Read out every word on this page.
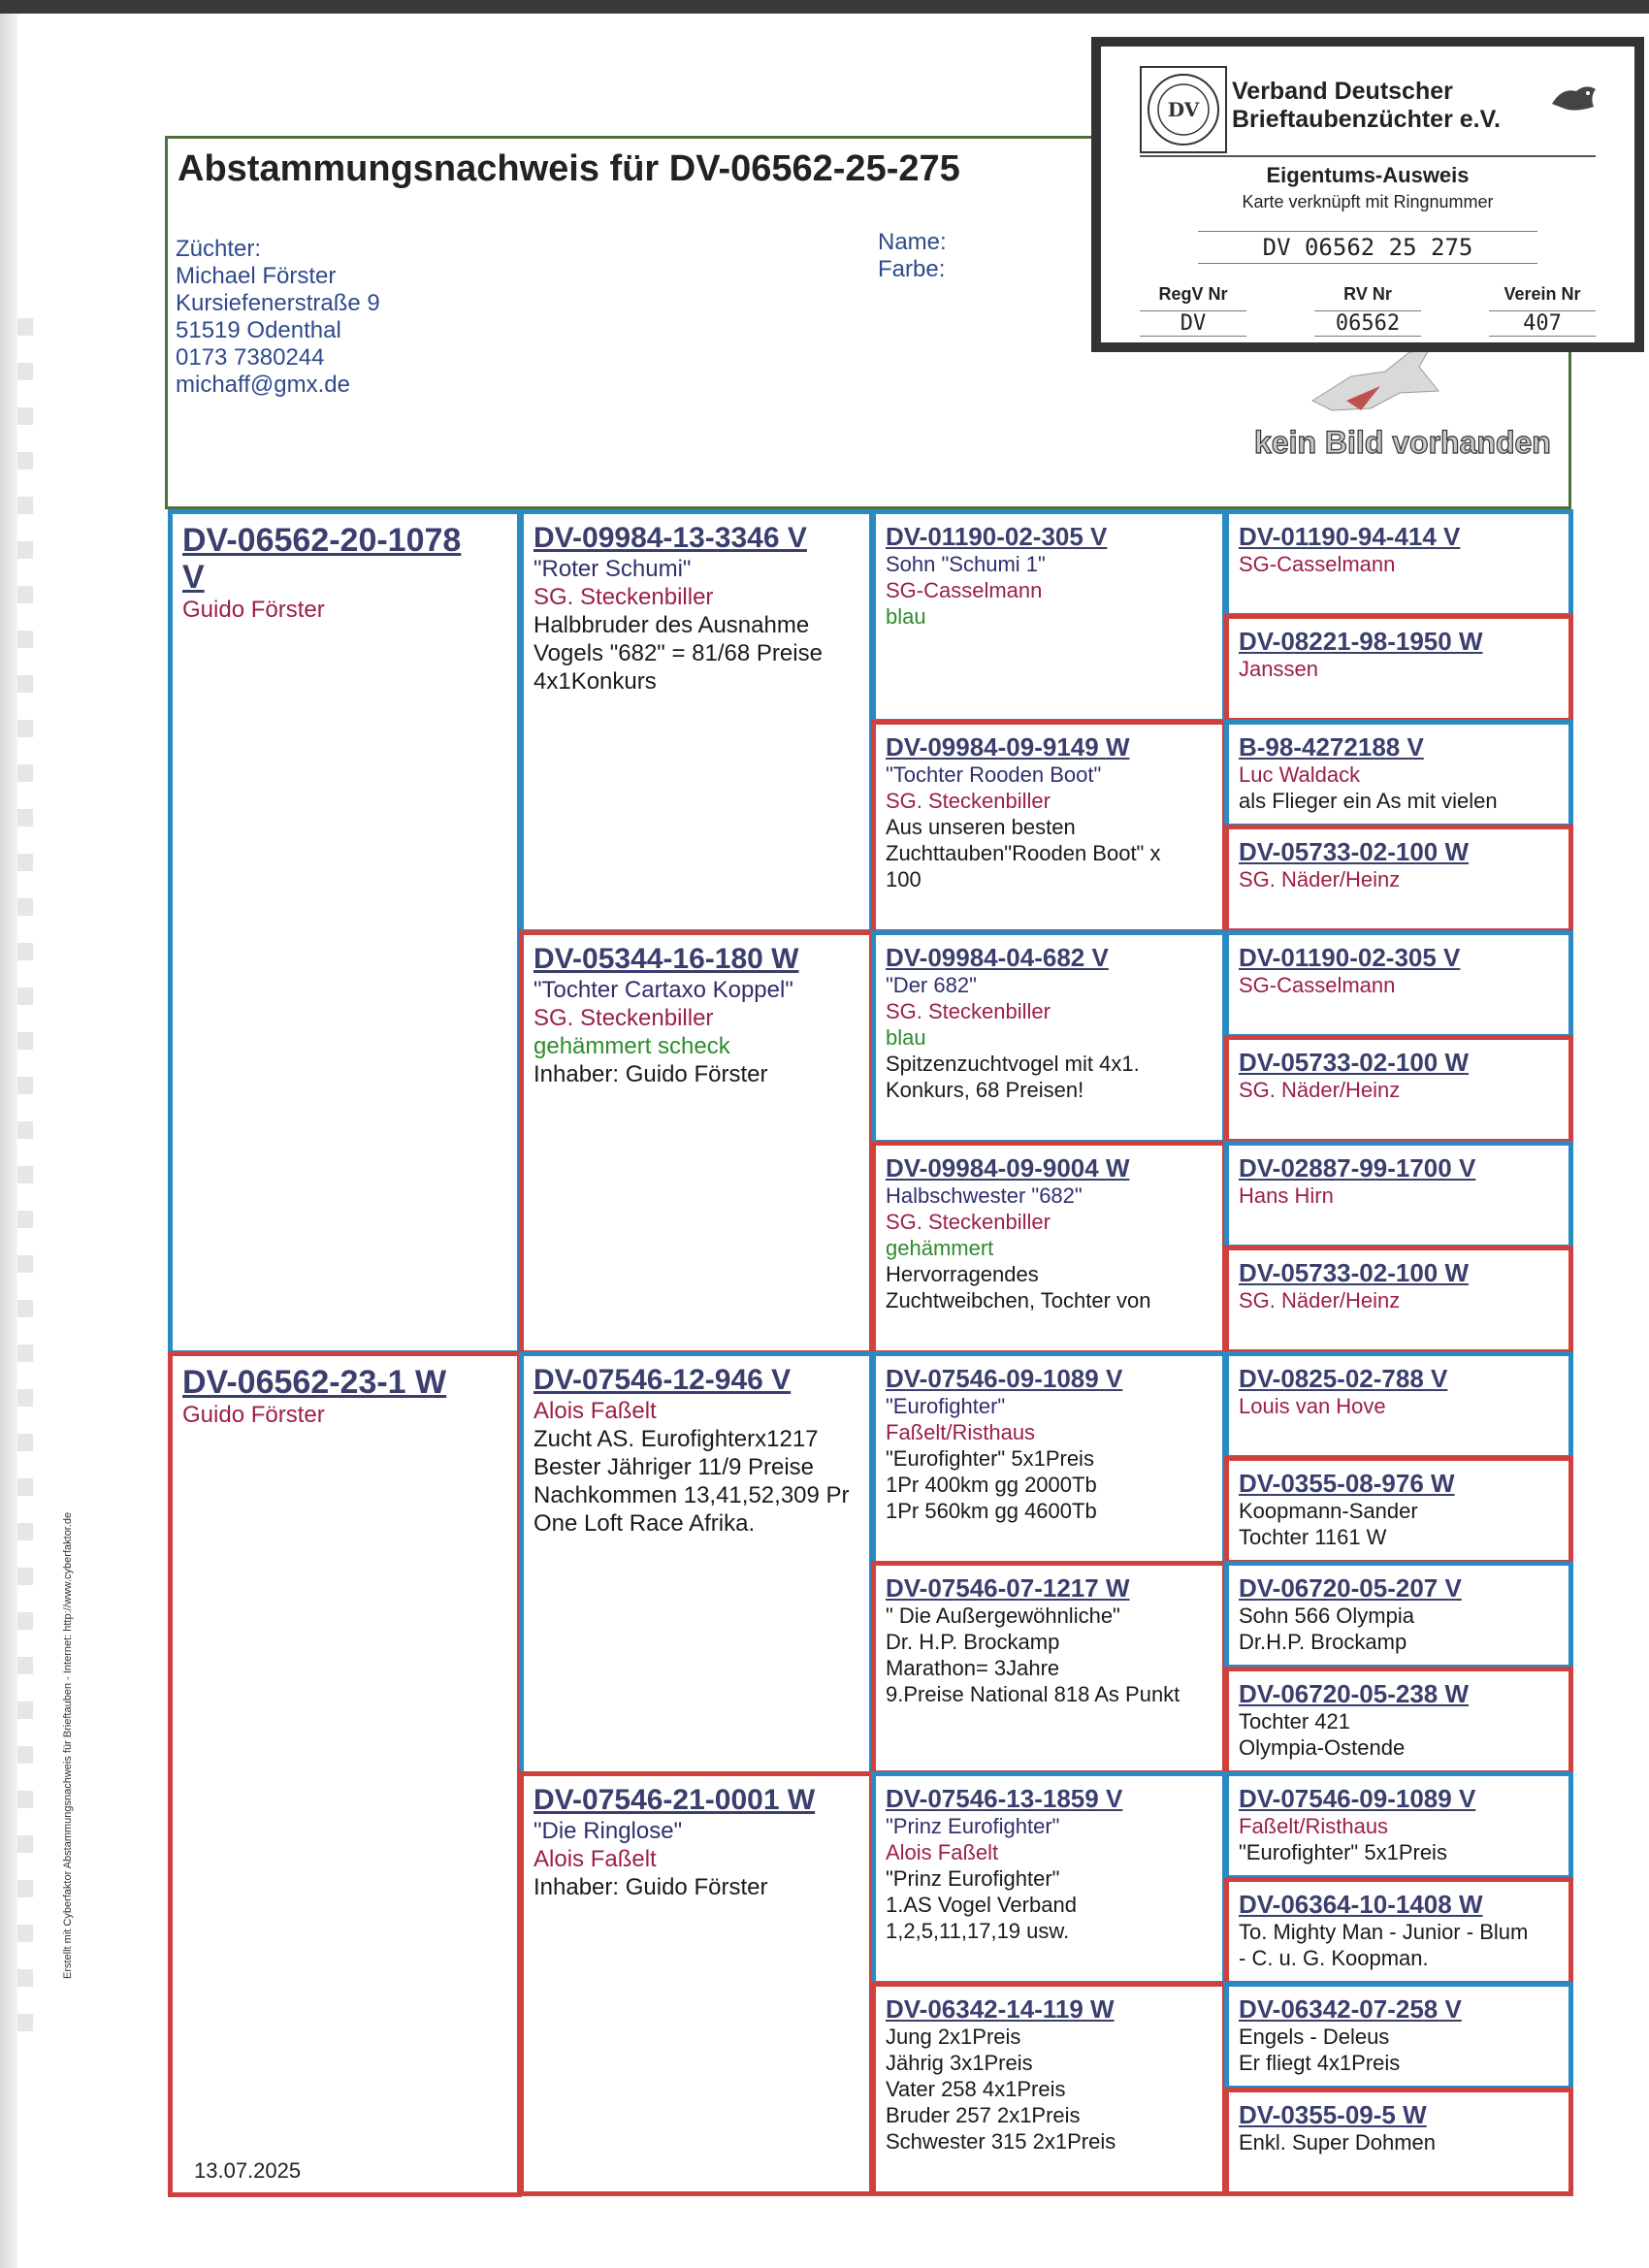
Abstammungsnachweis für DV-06562-25-275
Züchter:
Michael Förster
Kursiefenerstraße 9
51519 Odenthal
0173 7380244
michaff@gmx.de
Name:
Farbe:
kein Bild vorhanden
DV
Verband Deutscher
Brieftaubenzüchter e.V.
Eigentums-Ausweis
Karte verknüpft mit Ringnummer
DV 06562 25 275
RegV Nr
DV
RV Nr
06562
Verein Nr
407
DV-06562-20-1078
V
Guido Förster
DV-06562-23-1 W
Guido Förster
DV-09984-13-3346 V
"Roter Schumi"
SG. Steckenbiller
Halbbruder des Ausnahme
Vogels "682" = 81/68 Preise
4x1Konkurs
DV-05344-16-180 W
"Tochter Cartaxo Koppel"
SG. Steckenbiller
gehämmert scheck
Inhaber: Guido Förster
DV-07546-12-946 V
Alois Faßelt
Zucht AS. Eurofighterx1217
Bester Jähriger 11/9 Preise
Nachkommen 13,41,52,309 Pr
One Loft Race Afrika.
DV-07546-21-0001 W
"Die Ringlose"
Alois Faßelt
Inhaber: Guido Förster
DV-01190-02-305 V
Sohn "Schumi 1"
SG-Casselmann
blau
DV-09984-09-9149 W
"Tochter Rooden Boot"
SG. Steckenbiller
Aus unseren besten
Zuchttauben"Rooden Boot" x
100
DV-09984-04-682 V
"Der 682"
SG. Steckenbiller
blau
Spitzenzuchtvogel mit 4x1.
Konkurs, 68 Preisen!
DV-09984-09-9004 W
Halbschwester "682"
SG. Steckenbiller
gehämmert
Hervorragendes
Zuchtweibchen, Tochter von
DV-07546-09-1089 V
"Eurofighter"
Faßelt/Risthaus
"Eurofighter" 5x1Preis
1Pr 400km gg 2000Tb
1Pr 560km gg 4600Tb
DV-07546-07-1217 W
" Die Außergewöhnliche"
Dr. H.P. Brockamp
Marathon= 3Jahre
9.Preise National 818 As Punkt
DV-07546-13-1859 V
"Prinz Eurofighter"
Alois Faßelt
"Prinz Eurofighter"
1.AS Vogel Verband
1,2,5,11,17,19 usw.
DV-06342-14-119 W
Jung 2x1Preis
Jährig 3x1Preis
Vater 258 4x1Preis
Bruder 257 2x1Preis
Schwester 315 2x1Preis
DV-01190-94-414 V
SG-Casselmann
DV-08221-98-1950 W
Janssen
B-98-4272188 V
Luc Waldack
als Flieger ein As mit vielen
DV-05733-02-100 W
SG. Näder/Heinz
DV-01190-02-305 V
SG-Casselmann
DV-05733-02-100 W
SG. Näder/Heinz
DV-02887-99-1700 V
Hans Hirn
DV-05733-02-100 W
SG. Näder/Heinz
DV-0825-02-788 V
Louis van Hove
DV-0355-08-976 W
Koopmann-Sander
Tochter 1161 W
DV-06720-05-207 V
Sohn 566 Olympia
Dr.H.P. Brockamp
DV-06720-05-238 W
Tochter 421
Olympia-Ostende
DV-07546-09-1089 V
Faßelt/Risthaus
"Eurofighter" 5x1Preis
DV-06364-10-1408 W
To. Mighty Man - Junior - Blum
- C. u. G. Koopman.
DV-06342-07-258 V
Engels - Deleus
Er fliegt 4x1Preis
DV-0355-09-5 W
Enkl. Super Dohmen
13.07.2025
Erstellt mit Cyberfaktor Abstammungsnachweis für Brieftauben - Internet: http://www.cyberfaktor.de
